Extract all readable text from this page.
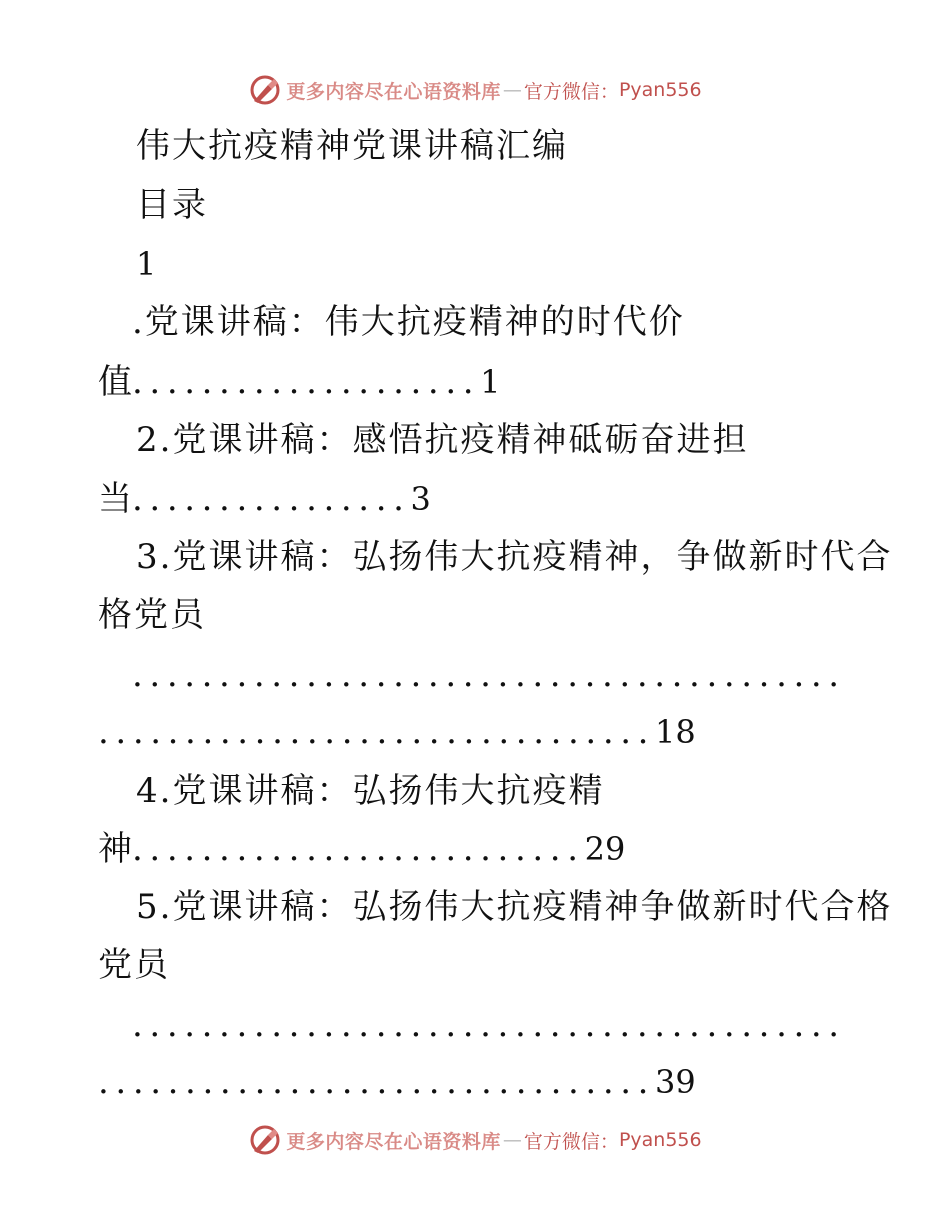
更多内容尽在心语资料库 — 官方微信： Pyan556
伟大抗疫精神党课讲稿汇编
目录
1
.党课讲稿：伟大抗疫精神的时代价
值....................1
2.党课讲稿：感悟抗疫精神砥砺奋进担
当................3
3.党课讲稿：弘扬伟大抗疫精神，争做新时代合
格党员
.........................................
................................18
4.党课讲稿：弘扬伟大抗疫精
神..........................29
5.党课讲稿：弘扬伟大抗疫精神争做新时代合格
党员
.........................................
................................39
更多内容尽在心语资料库 — 官方微信： Pyan556
